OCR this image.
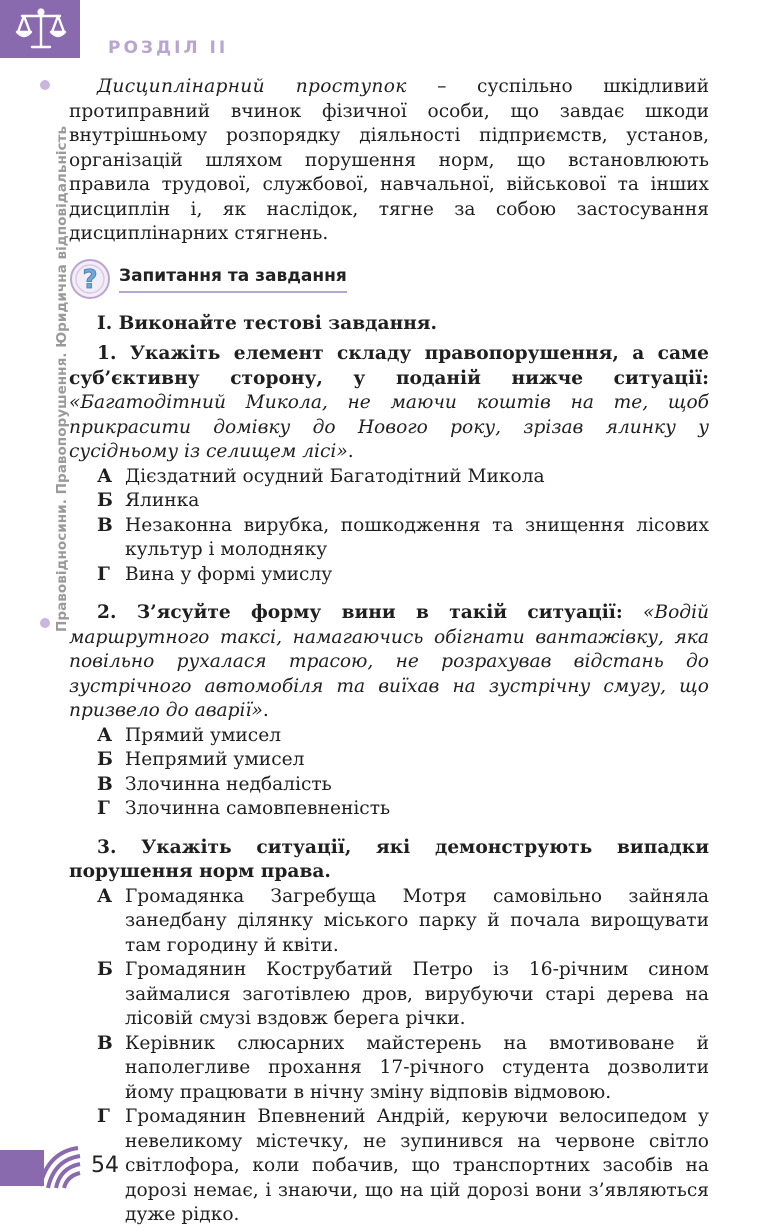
РОЗДІЛ ІІ
Правовідносини. Правопорушення. Юридична відповідальність

Дисциплінарний проступок – суспільно шкідливий протиправний вчинок фізичної особи, що завдає шкоди внутрішньому розпорядку діяльності підприємств, установ, організацій шляхом порушення норм, що встановлюють правила трудової, службової, навчальної, військової та інших дисциплін і, як наслідок, тягне за собою застосування дисциплінарних стягнень.

? Запитання та завдання

І. Виконайте тестові завдання.

1. Укажіть елемент складу правопорушення, а саме суб’єктивну сторону, у поданій нижче ситуації: «Багатодітний Микола, не маючи коштів на те, щоб прикрасити домівку до Нового року, зрізав ялинку у сусідньому із селищем лісі».

А Дієздатний осудний Багатодітний Микола
Б Ялинка
В Незаконна вирубка, пошкодження та знищення лісових культур і молодняку
Г Вина у формі умислу

2. З’ясуйте форму вини в такій ситуації: «Водій маршрутного таксі, намагаючись обігнати вантажівку, яка повільно рухалася трасою, не розрахував відстань до зустрічного автомобіля та виїхав на зустрічну смугу, що призвело до аварії».

А Прямий умисел
Б Непрямий умисел
В Злочинна недбалість
Г Злочинна самовпевненість

3. Укажіть ситуації, які демонструють випадки порушення норм права.

А Громадянка Загребуща Мотря самовільно зайняла занедбану ділянку міського парку й почала вирощувати там городину й квіти.
Б Громадянин Кострубатий Петро із 16-річним сином займалися заготівлею дров, вирубуючи старі дерева на лісовій смузі вздовж берега річки.
В Керівник слюсарних майстерень на вмотивоване й наполегливе прохання 17-річного студента дозволити йому працювати в нічну зміну відповів відмовою.
Г Громадянин Впевнений Андрій, керуючи велосипедом у невеликому містечку, не зупинився на червоне світло світлофора, коли побачив, що транспортних засобів на дорозі немає, і знаючи, що на цій дорозі вони з’являються дуже рідко.
54
